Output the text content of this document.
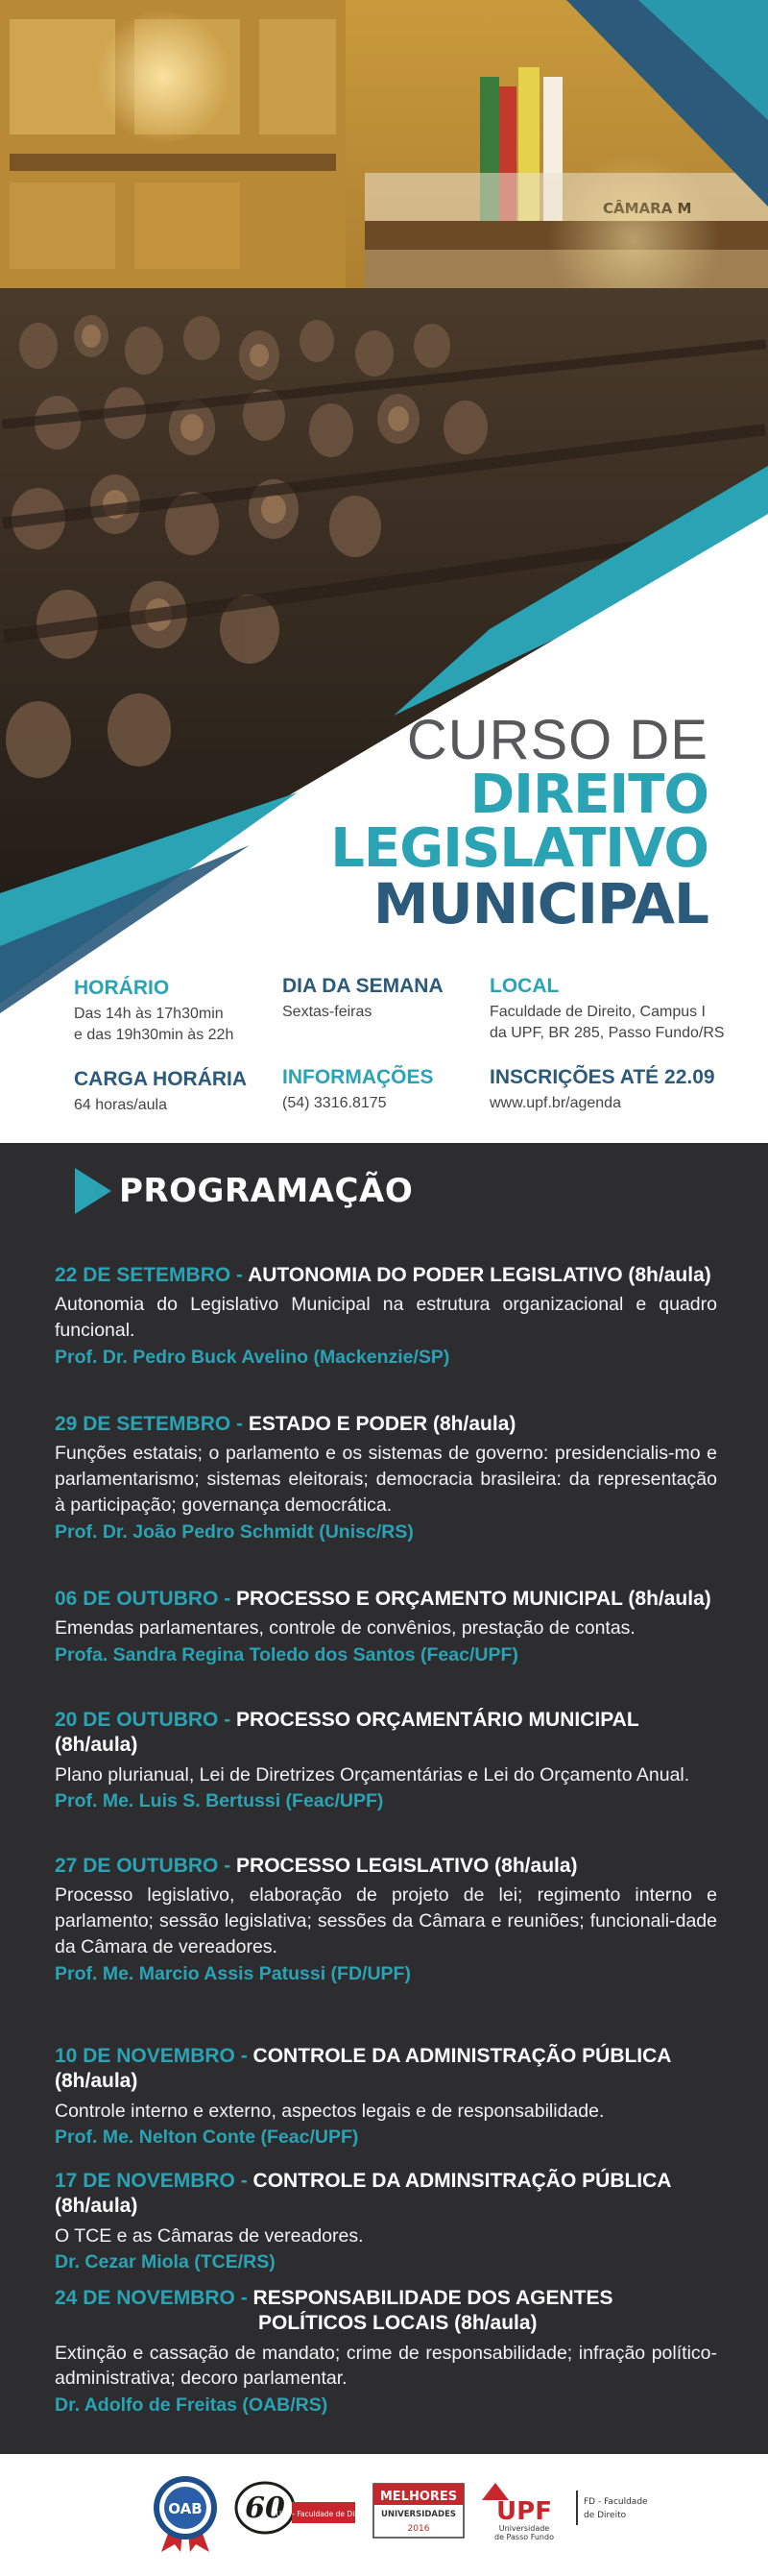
CURSO DE
DIREITO
LEGISLATIVO
MUNICIPAL
HORÁRIO
Das 14h às 17h30min
e das 19h30min às 22h
DIA DA SEMANA
Sextas-feiras
LOCAL
Faculdade de Direito, Campus I
da UPF, BR 285, Passo Fundo/RS
CARGA HORÁRIA
64 horas/aula
INFORMAÇÕES
(54) 3316.8175
INSCRIÇÕES ATÉ 22.09
www.upf.br/agenda
PROGRAMAÇÃO
22 DE SETEMBRO - AUTONOMIA DO PODER LEGISLATIVO (8h/aula)
Autonomia do Legislativo Municipal na estrutura organizacional e quadro funcional.
Prof. Dr. Pedro Buck Avelino (Mackenzie/SP)
29 DE SETEMBRO - ESTADO E PODER (8h/aula)
Funções estatais; o parlamento e os sistemas de governo: presidencialis-mo e parlamentarismo; sistemas eleitorais; democracia brasileira: da representação à participação; governança democrática.
Prof. Dr. João Pedro Schmidt (Unisc/RS)
06 DE OUTUBRO - PROCESSO E ORÇAMENTO MUNICIPAL (8h/aula)
Emendas parlamentares, controle de convênios, prestação de contas.
Profa. Sandra Regina Toledo dos Santos (Feac/UPF)
20 DE OUTUBRO - PROCESSO ORÇAMENTÁRIO MUNICIPAL (8h/aula)
Plano plurianual, Lei de Diretrizes Orçamentárias e Lei do Orçamento Anual.
Prof. Me. Luis S. Bertussi (Feac/UPF)
27 DE OUTUBRO - PROCESSO LEGISLATIVO (8h/aula)
Processo legislativo, elaboração de projeto de lei; regimento interno e parlamento; sessão legislativa; sessões da Câmara e reuniões; funcionali-dade da Câmara de vereadores.
Prof. Me. Marcio Assis Patussi (FD/UPF)
10 DE NOVEMBRO - CONTROLE DA ADMINISTRAÇÃO PÚBLICA (8h/aula)
Controle interno e externo, aspectos legais e de responsabilidade.
Prof. Me. Nelton Conte (Feac/UPF)
17 DE NOVEMBRO - CONTROLE DA ADMINSITRAÇÃO PÚBLICA (8h/aula)
O TCE e as Câmaras de vereadores.
Dr. Cezar Miola (TCE/RS)
24 DE NOVEMBRO - RESPONSABILIDADE DOS AGENTES
POLÍTICOS LOCAIS (8h/aula)
Extinção e cassação de mandato; crime de responsabilidade; infração político-administrativa; decoro parlamentar.
Dr. Adolfo de Freitas (OAB/RS)
OAB 60
UPF - Faculdade de Direito
MELHORES
UNIVERSIDADES
2016
UPF
Universidade
de Passo Fundo
FD - Faculdade
de Direito
